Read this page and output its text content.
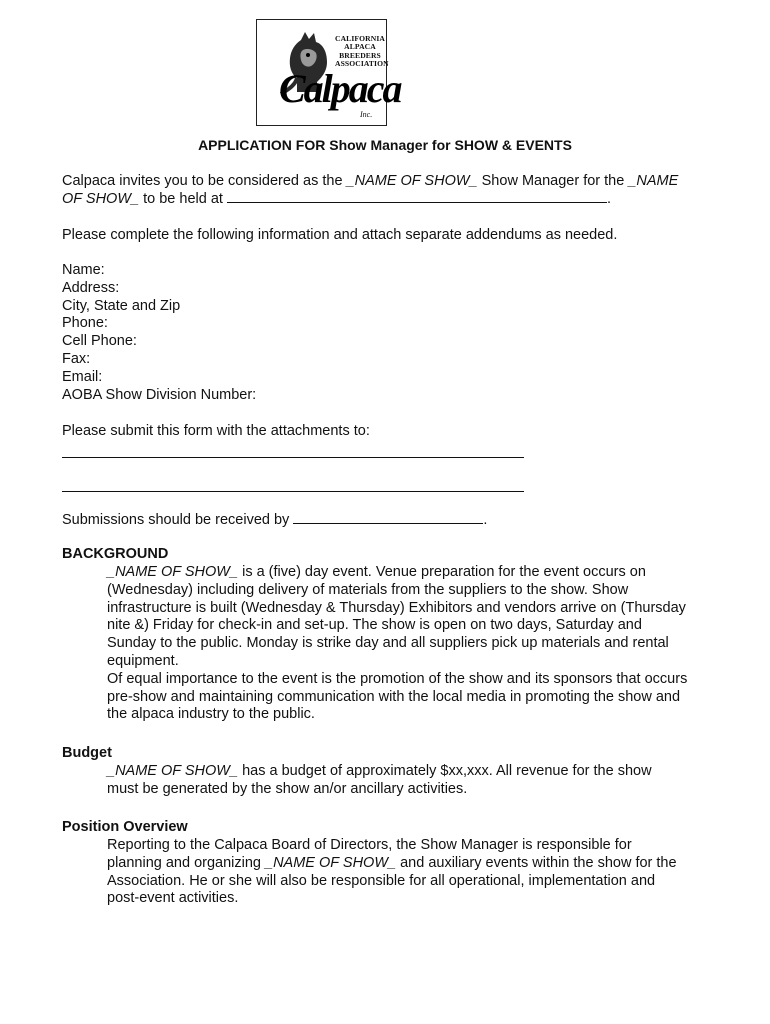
CALIFORNIA
ALPACA
BREEDERS
ASSOCIATION
Calpaca
Inc.
APPLICATION FOR Show Manager for SHOW & EVENTS
Calpaca invites you to be considered as the _NAME OF SHOW_ Show Manager for the _NAME
OF SHOW_ to be held at	.
Please complete the following information and attach separate addendums as needed.
Name:
Address:
City, State and Zip
Phone:
Cell Phone:
Fax:
Email:
AOBA Show Division Number:
Please submit this form with the attachments to:
Submissions should be received by	.
BACKGROUND
_NAME OF SHOW_ is a (five) day event. Venue preparation for the event occurs on
(Wednesday) including delivery of materials from the suppliers to the show. Show
infrastructure is built (Wednesday & Thursday) Exhibitors and vendors arrive on (Thursday
nite &) Friday for check-in and set-up. The show is open on two days, Saturday and
Sunday to the public. Monday is strike day and all suppliers pick up materials and rental
equipment.
Of equal importance to the event is the promotion of the show and its sponsors that occurs
pre-show and maintaining communication with the local media in promoting the show and
the alpaca industry to the public.
Budget
_NAME OF SHOW_ has a budget of approximately $xx,xxx. All revenue for the show
must be generated by the show an/or ancillary activities.
Position Overview
Reporting to the Calpaca Board of Directors, the Show Manager is responsible for
planning and organizing _NAME OF SHOW_ and auxiliary events within the show for the
Association. He or she will also be responsible for all operational, implementation and
post-event activities.
